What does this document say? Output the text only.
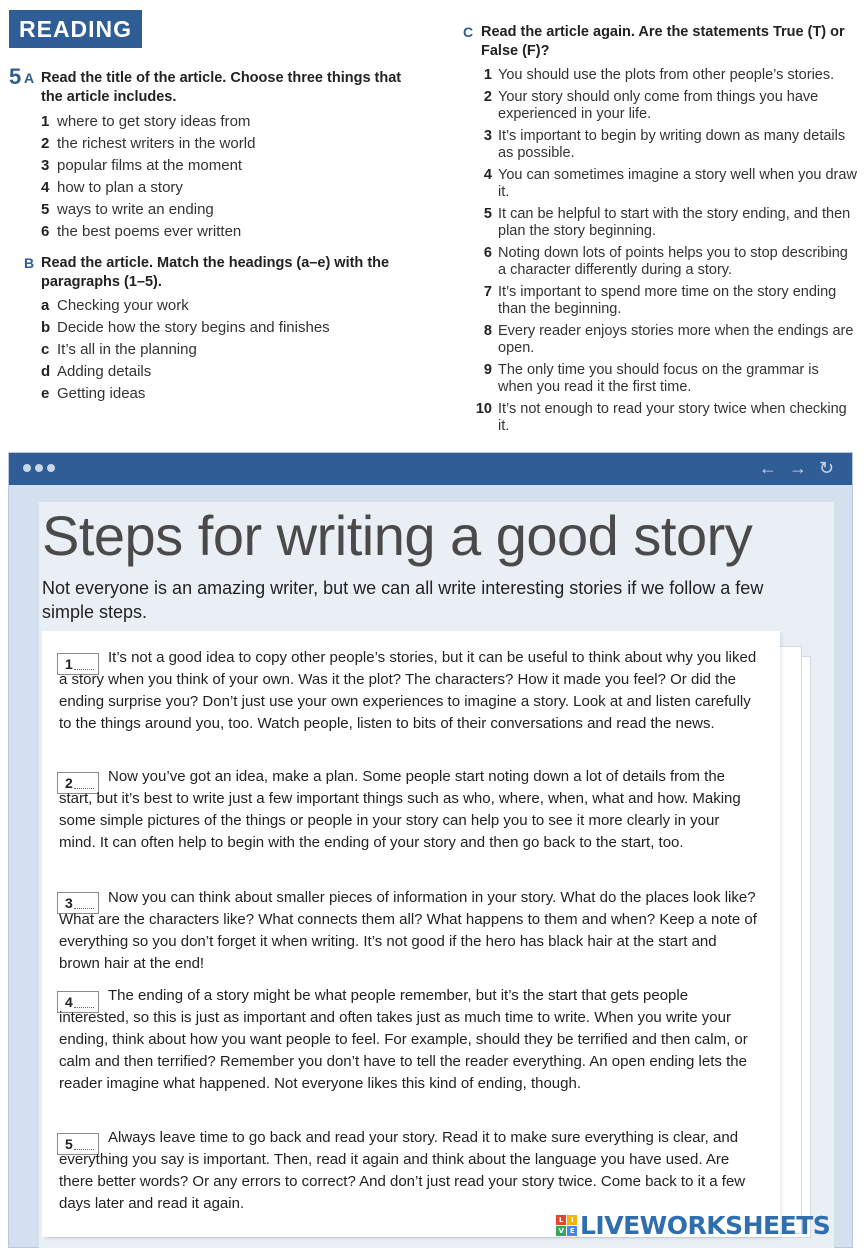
READING
5 A Read the title of the article. Choose three things that the article includes.
1 where to get story ideas from
2 the richest writers in the world
3 popular films at the moment
4 how to plan a story
5 ways to write an ending
6 the best poems ever written
B Read the article. Match the headings (a–e) with the paragraphs (1–5).
a Checking your work
b Decide how the story begins and finishes
c It’s all in the planning
d Adding details
e Getting ideas
C Read the article again. Are the statements True (T) or False (F)?
1 You should use the plots from other people’s stories.
2 Your story should only come from things you have experienced in your life.
3 It’s important to begin by writing down as many details as possible.
4 You can sometimes imagine a story well when you draw it.
5 It can be helpful to start with the story ending, and then plan the story beginning.
6 Noting down lots of points helps you to stop describing a character differently during a story.
7 It’s important to spend more time on the story ending than the beginning.
8 Every reader enjoys stories more when the endings are open.
9 The only time you should focus on the grammar is when you read it the first time.
10 It’s not enough to read your story twice when checking it.
← → ↻
Steps for writing a good story

Not everyone is an amazing writer, but we can all write interesting stories if we follow a few simple steps.

1	It’s not a good idea to copy other people’s stories, but it can be useful to think about why you liked a story when you think of your own. Was it the plot? The characters? How it made you feel? Or did the ending surprise you? Don’t just use your own experiences to imagine a story. Look at and listen carefully to the things around you, too. Watch people, listen to bits of their conversations and read the news.

2	Now you’ve got an idea, make a plan. Some people start noting down a lot of details from the start, but it’s best to write just a few important things such as who, where, when, what and how. Making some simple pictures of the things or people in your story can help you to see it more clearly in your mind. It can often help to begin with the ending of your story and then go back to the start, too.

3	Now you can think about smaller pieces of information in your story. What do the places look like? What are the characters like? What connects them all? What happens to them and when? Keep a note of everything so you don’t forget it when writing. It’s not good if the hero has black hair at the start and brown hair at the end!

4	The ending of a story might be what people remember, but it’s the start that gets people interested, so this is just as important and often takes just as much time to write. When you write your ending, think about how you want people to feel. For example, should they be terrified and then calm, or calm and then terrified? Remember you don’t have to tell the reader everything. An open ending lets the reader imagine what happened. Not everyone likes this kind of ending, though.

5	Always leave time to go back and read your story. Read it to make sure everything is clear, and everything you say is important. Then, read it again and think about the language you have used. Are there better words? Or any errors to correct? And don’t just read your story twice. Come back to it a few days later and read it again.

L	I
V E LIVEWORKSHEETS
